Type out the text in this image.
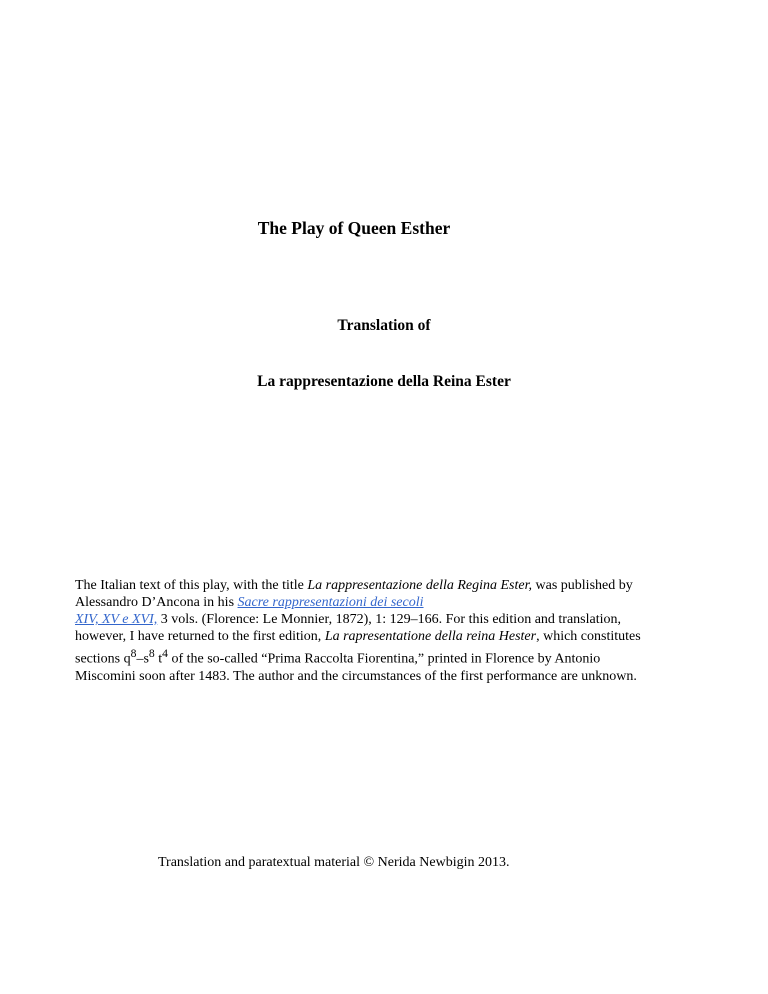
The Play of Queen Esther

Translation of

La rappresentazione della Reina Ester

The Italian text of this play, with the title La rappresentazione della Regina Ester, was published by Alessandro D’Ancona in his Sacre rappresentazioni dei secoli
XIV, XV e XVI, 3 vols. (Florence: Le Monnier, 1872), 1: 129–166. For this edition and translation, however, I have returned to the first edition, La rapresentatione della reina Hester, which constitutes sections $q^8-s^8$ $t^4$ of the so-called “Prima Raccolta Fiorentina,” printed in Florence by Antonio Miscomini soon after 1483. The author and the circumstances of the first performance are unknown.

Translation and paratextual material © Nerida Newbigin 2013.
